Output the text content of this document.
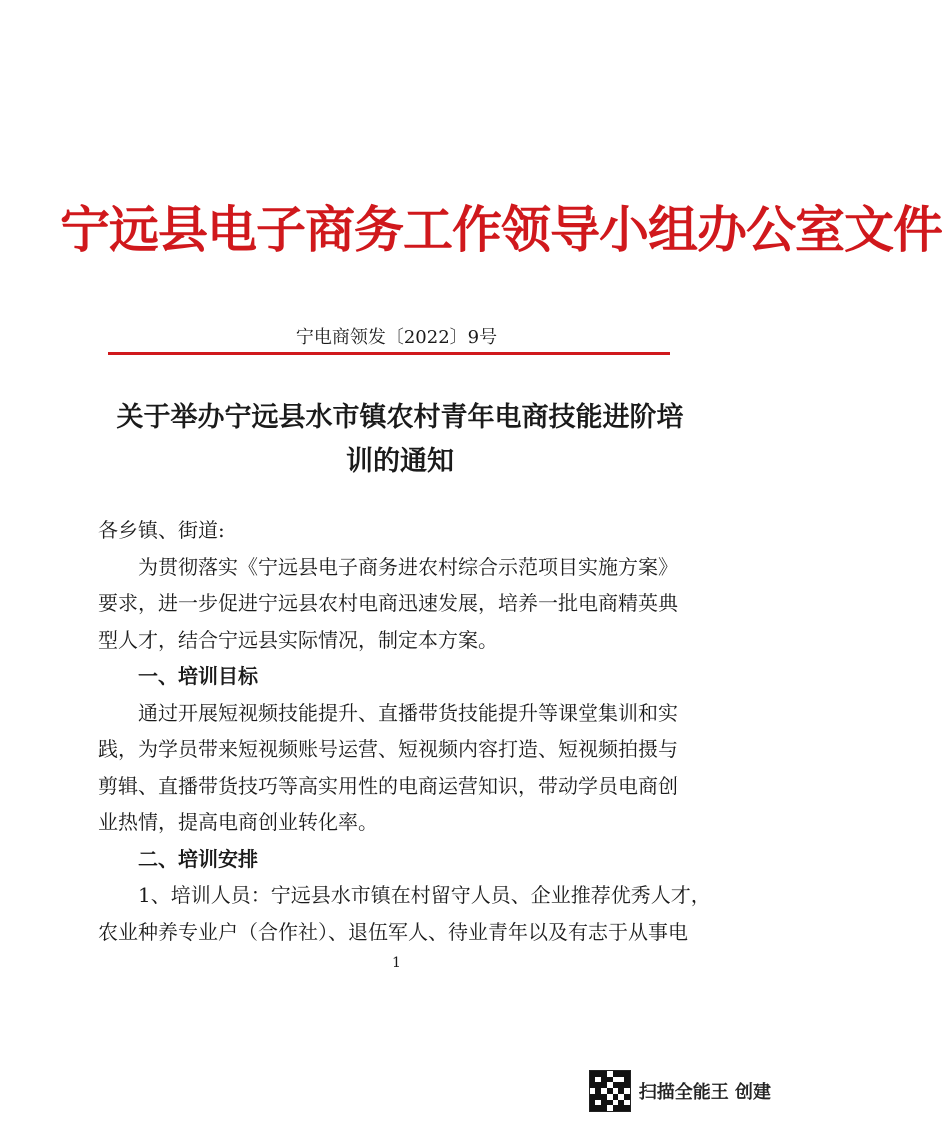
宁远县电子商务工作领导小组办公室文件
宁电商领发〔2022〕9号
关于举办宁远县水市镇农村青年电商技能进阶培
训的通知
各乡镇、街道:
为贯彻落实《宁远县电子商务进农村综合示范项目实施方案》
要求，进一步促进宁远县农村电商迅速发展，培养一批电商精英典
型人才，结合宁远县实际情况，制定本方案。
一、培训目标
通过开展短视频技能提升、直播带货技能提升等课堂集训和实
践，为学员带来短视频账号运营、短视频内容打造、短视频拍摄与
剪辑、直播带货技巧等高实用性的电商运营知识，带动学员电商创
业热情，提高电商创业转化率。
二、培训安排
1、培训人员：宁远县水市镇在村留守人员、企业推荐优秀人才，
农业种养专业户（合作社）、退伍军人、待业青年以及有志于从事电
1
扫描全能王 创建
